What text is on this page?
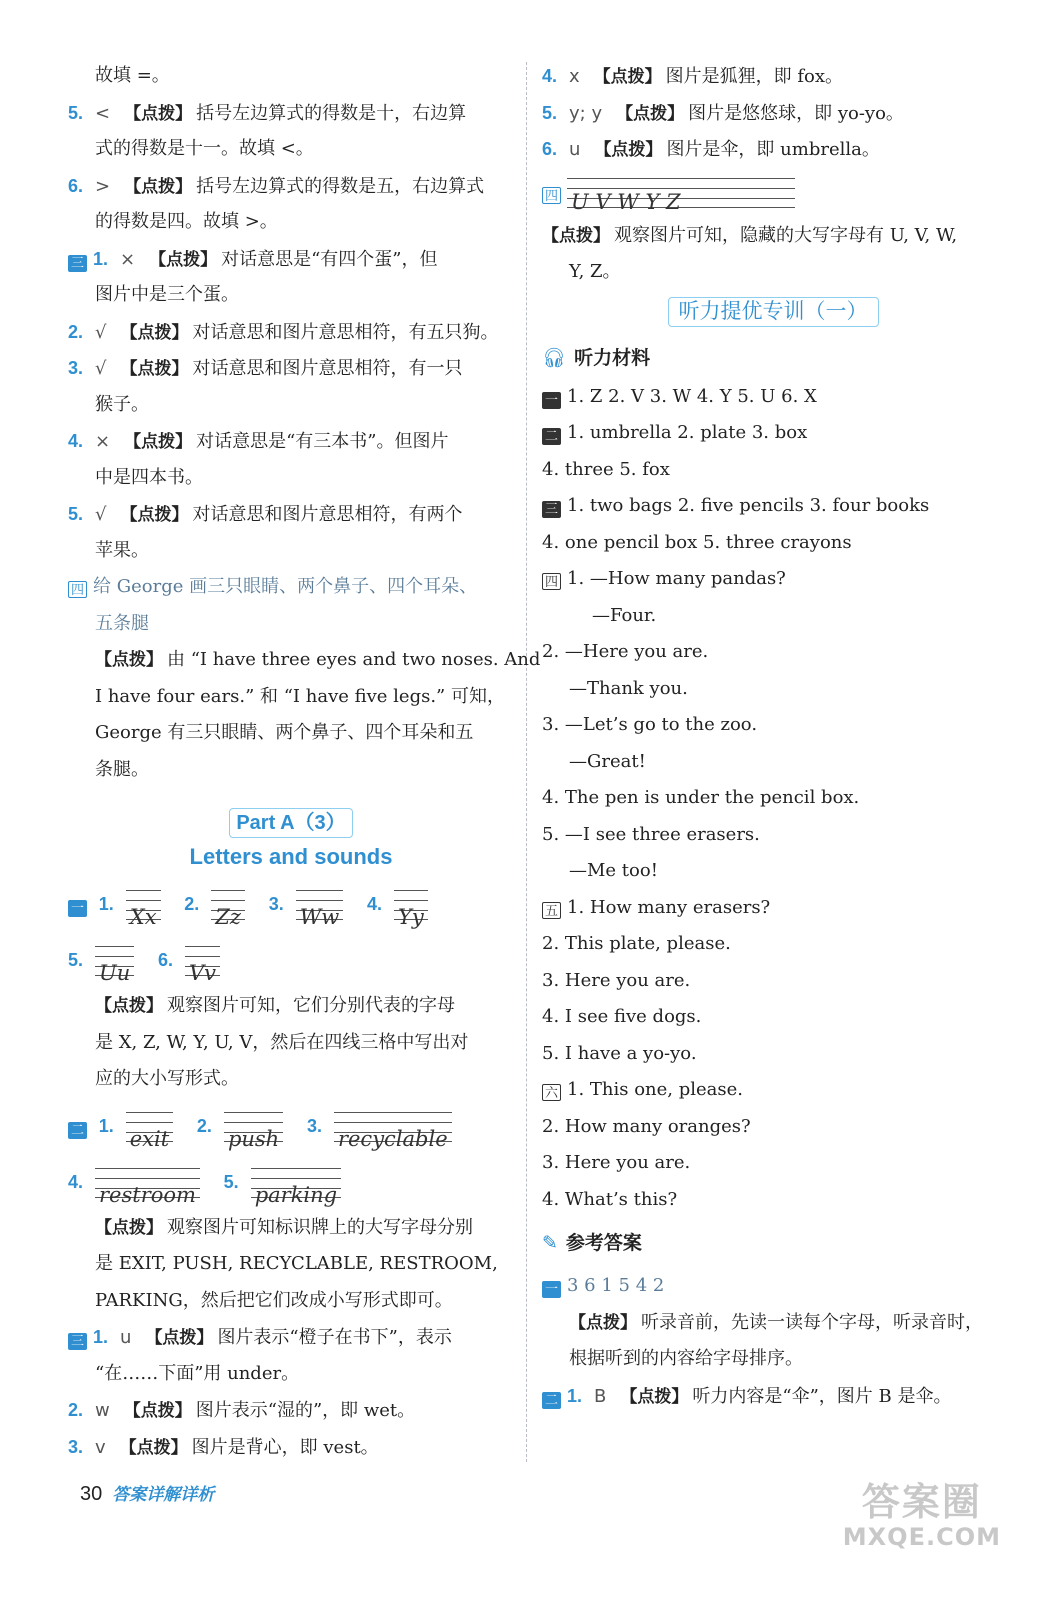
故填 =。
5. < 【点拨】 括号左边算式的得数是十，右边算
式的得数是十一。故填 <。
6. > 【点拨】 括号左边算式的得数是五，右边算式
的得数是四。故填 >。
三 1. × 【点拨】 对话意思是“有四个蛋”，但
图片中是三个蛋。
2. √ 【点拨】 对话意思和图片意思相符，有五只狗。
3. √ 【点拨】 对话意思和图片意思相符，有一只
猴子。
4. × 【点拨】 对话意思是“有三本书”。但图片
中是四本书。
5. √ 【点拨】 对话意思和图片意思相符，有两个
苹果。
四 给 George 画三只眼睛、两个鼻子、四个耳朵、
五条腿
【点拨】 由 “I have three eyes and two noses. And
I have four ears.” 和 “I have five legs.” 可知，
George 有三只眼睛、两个鼻子、四个耳朵和五
条腿。
Part A（3）
Letters and sounds
一 1.Xx 2.Zz 3.Ww 4.Yy
5.Uu 6.Vv
【点拨】 观察图片可知，它们分别代表的字母
是 X, Z, W, Y, U, V，然后在四线三格中写出对
应的大小写形式。
二 1.exit 2.push 3.recyclable
4.restroom 5.parking
【点拨】 观察图片可知标识牌上的大写字母分别
是 EXIT, PUSH, RECYCLABLE, RESTROOM,
PARKING，然后把它们改成小写形式即可。
三 1. u 【点拨】 图片表示“橙子在书下”，表示
“在……下面”用 under。
2. w 【点拨】 图片表示“湿的”，即 wet。
3. v 【点拨】 图片是背心，即 vest。
4. x 【点拨】 图片是狐狸，即 fox。
5. y; y 【点拨】 图片是悠悠球，即 yo-yo。
6. u 【点拨】 图片是伞，即 umbrella。
四 U V W Y Z
【点拨】 观察图片可知，隐藏的大写字母有 U, V, W,
Y, Z。
听力提优专训（一）
🎧︎ 听力材料
一 1. Z 2. V 3. W 4. Y 5. U 6. X
二 1. umbrella 2. plate 3. box
4. three 5. fox
三 1. two bags 2. five pencils 3. four books
4. one pencil box 5. three crayons
四 1. —How many pandas?
—Four.
2. —Here you are.
—Thank you.
3. —Let’s go to the zoo.
—Great!
4. The pen is under the pencil box.
5. —I see three erasers.
—Me too!
五 1. How many erasers?
2. This plate, please.
3. Here you are.
4. I see five dogs.
5. I have a yo-yo.
六 1. This one, please.
2. How many oranges?
3. Here you are.
4. What’s this?
✎ 参考答案
一 3 6 1 5 4 2
【点拨】 听录音前，先读一读每个字母，听录音时，
根据听到的内容给字母排序。
二 1. B 【点拨】 听力内容是“伞”，图片 B 是伞。
30 答案详解详析	答案圈
MXQE.COM
